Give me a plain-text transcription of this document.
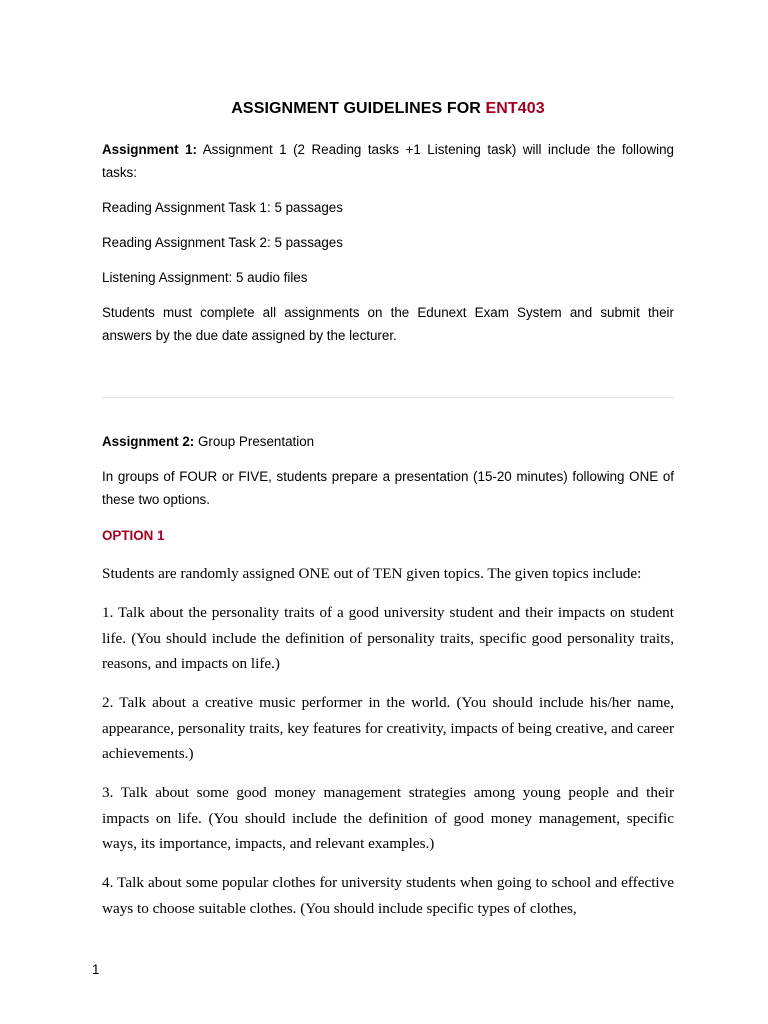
ASSIGNMENT GUIDELINES FOR ENT403
Assignment 1: Assignment 1 (2 Reading tasks +1 Listening task) will include the following tasks:
Reading Assignment Task 1: 5 passages
Reading Assignment Task 2: 5 passages
Listening Assignment: 5 audio files
Students must complete all assignments on the Edunext Exam System and submit their answers by the due date assigned by the lecturer.
Assignment 2: Group Presentation
In groups of FOUR or FIVE, students prepare a presentation (15-20 minutes) following ONE of these two options.
OPTION 1
Students are randomly assigned ONE out of TEN given topics. The given topics include:
1. Talk about the personality traits of a good university student and their impacts on student life. (You should include the definition of personality traits, specific good personality traits, reasons, and impacts on life.)
2. Talk about a creative music performer in the world. (You should include his/her name, appearance, personality traits, key features for creativity, impacts of being creative, and career achievements.)
3. Talk about some good money management strategies among young people and their impacts on life. (You should include the definition of good money management, specific ways, its importance, impacts, and relevant examples.)
4. Talk about some popular clothes for university students when going to school and effective ways to choose suitable clothes. (You should include specific types of clothes,
1
